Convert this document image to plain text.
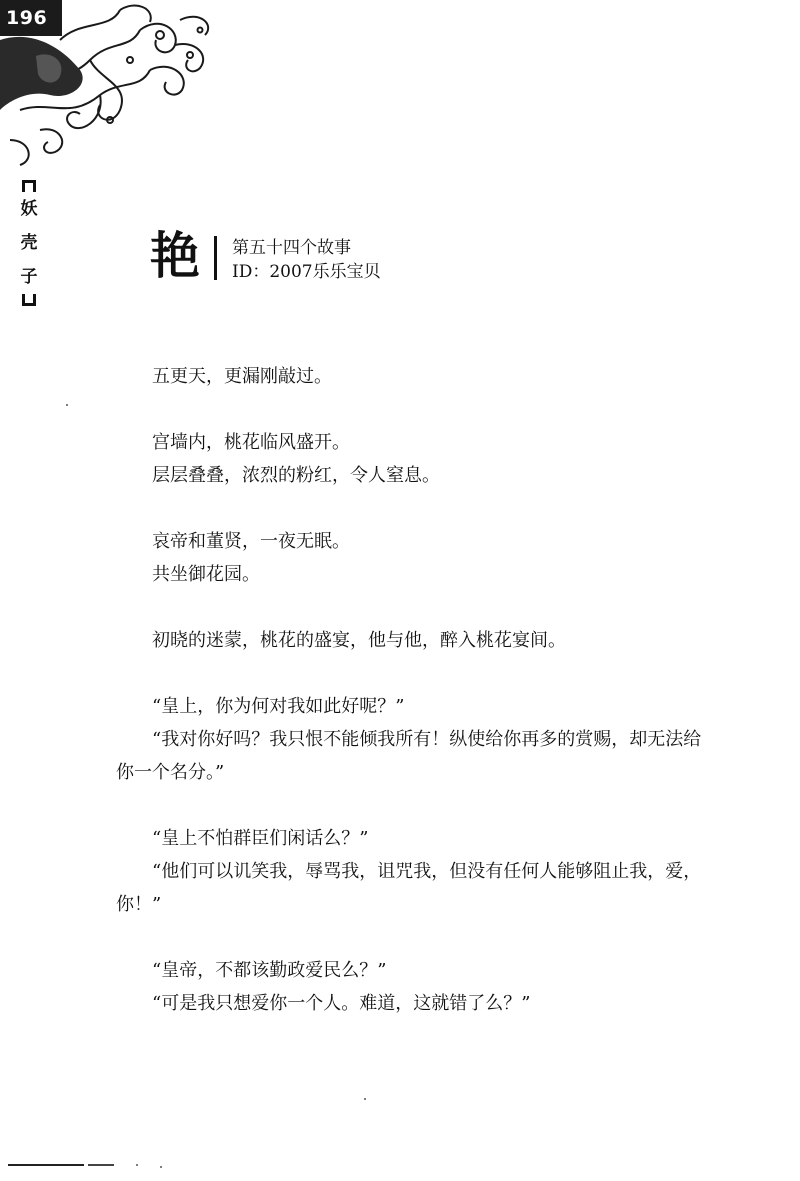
196
妖
壳
子 艳 第五十四个故事
ID：2007乐乐宝贝

五更天，更漏刚敲过。

宫墙内，桃花临风盛开。

层层叠叠，浓烈的粉红，令人窒息。

哀帝和董贤，一夜无眠。

共坐御花园。

初晓的迷蒙，桃花的盛宴，他与他，醉入桃花宴间。

“皇上，你为何对我如此好呢？”

“我对你好吗？我只恨不能倾我所有！纵使给你再多的赏赐，却无法给你一个名分。”

“皇上不怕群臣们闲话么？”

“他们可以讥笑我，辱骂我，诅咒我，但没有任何人能够阻止我，爱，你！”

“皇帝，不都该勤政爱民么？”

“可是我只想爱你一个人。难道，这就错了么？”
